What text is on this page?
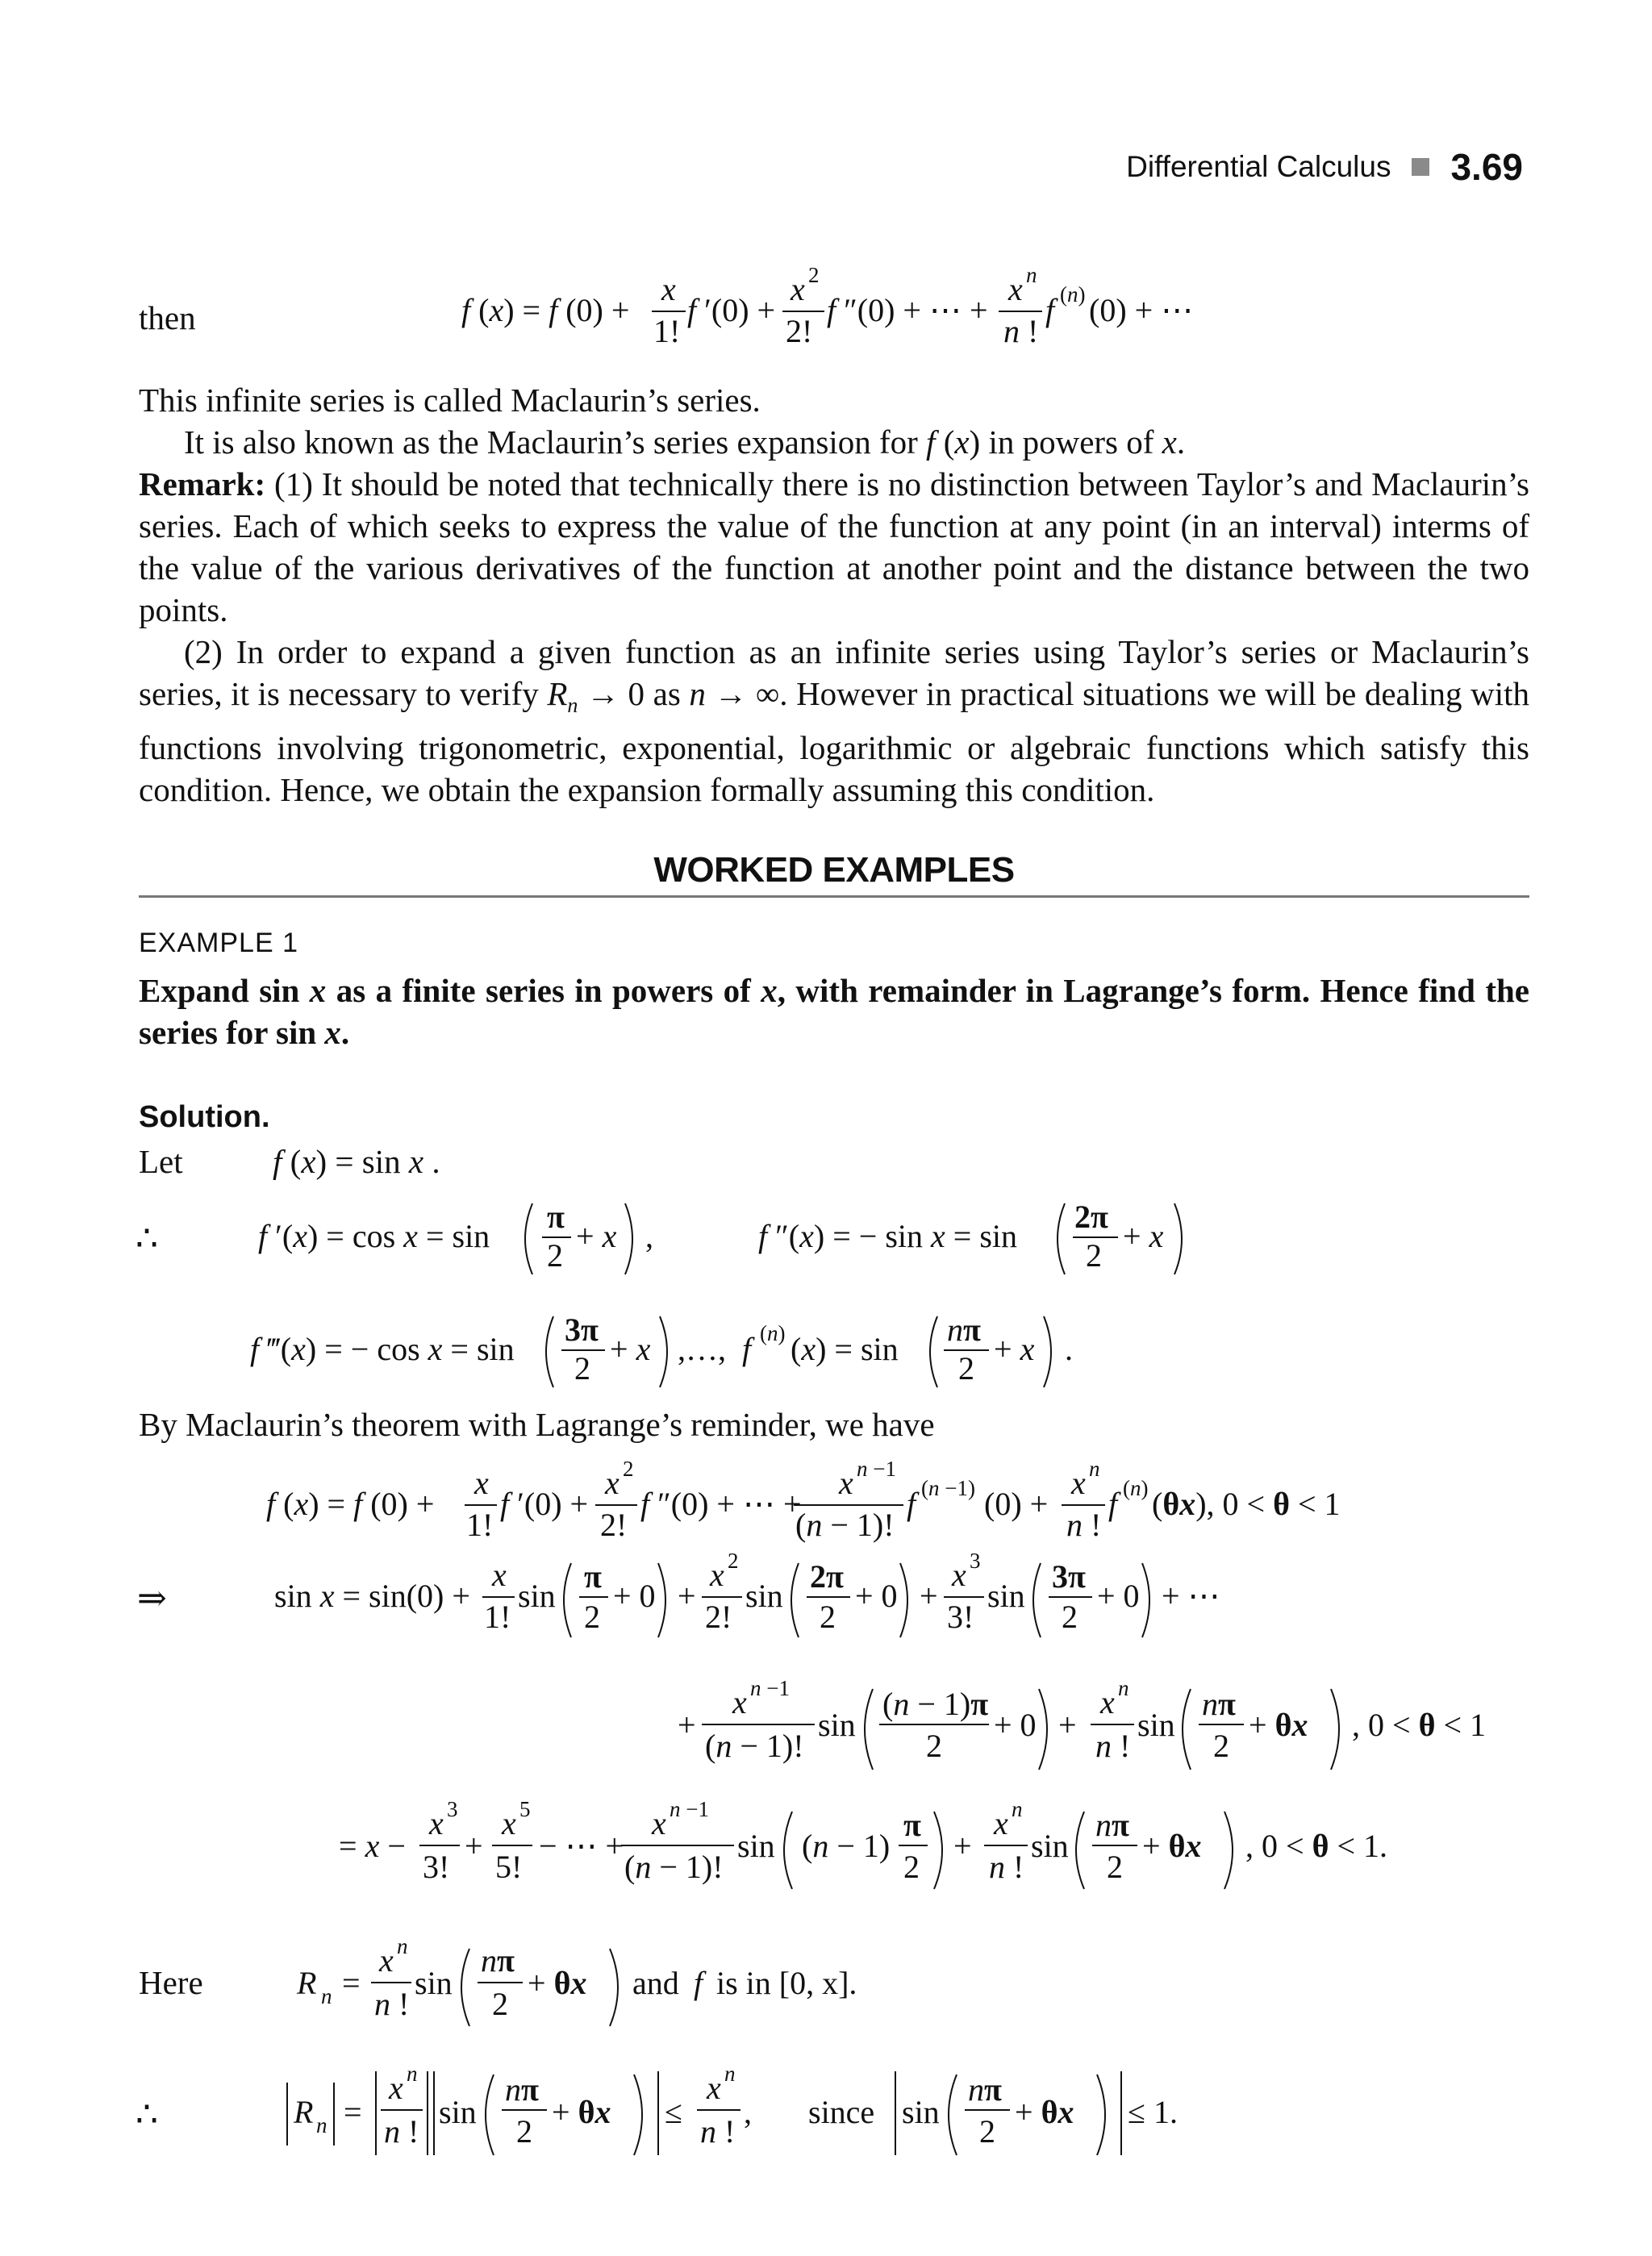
Differential Calculus 3.69
then	f (x) = f (0) +
x
1!
f ′(0) +
x 2
2!
f ″(0) + ⋯ +
x n
n !
f (n) (0) + ⋯
This infinite series is called Maclaurin’s series.
It is also known as the Maclaurin’s series expansion for f (x) in powers of x.
Remark: (1) It should be noted that technically there is no distinction between Taylor’s and Maclaurin’s series. Each of which seeks to express the value of the function at any point (in an interval) interms of the value of the various derivatives of the function at another point and the distance between the two points.
(2) In order to expand a given function as an infinite series using Taylor’s series or Maclaurin’s series, it is necessary to verify $R_n \to 0$ as n → ∞. However in practical situations we will be dealing with functions involving trigonometric, exponential, logarithmic or algebraic functions which satisfy this condition. Hence, we obtain the expansion formally assuming this condition.
WORKED EXAMPLES
EXAMPLE 1
Expand sin x as a finite series in powers of x, with remainder in Lagrange’s form. Hence find the series for sin x.
Solution.
Let	f (x) = sin x .
∴	f ′(x) = cos x = sin
π
2
+ x ,	f ″(x) = − sin x = sin
2π
2
+ x
f ‴(x) = − cos x = sin
3π
2
+ x ,…, f (n) (x) = sin
nπ
2
+ x .
By Maclaurin’s theorem with Lagrange’s reminder, we have
f (x) = f (0) +
x
1!
f ′(0) +
x 2
2!
f ″(0) + ⋯ +
x n −1
(n − 1)!
f (n −1) (0) +
x n
n !
f (n) (θx), 0 < θ < 1
⇒	sin x = sin(0) +
x
1!
sin
π
2
+ 0 +
x 2
2!
sin
2π
2
+ 0 +
x 3
3!
sin
3π
2
+ 0 + ⋯
+
x n −1
(n − 1)!
sin
(n − 1)π
2
+ 0 +
x n
n !
sin
nπ
2
+ θx , 0 < θ < 1
= x −
x 3
3!
+
x 5
5!
− ⋯ +
x n −1
(n − 1)!
sin (n − 1)
π
2
+
x n
n !
sin
nπ
2
+ θx , 0 < θ < 1.
Here	R n =
x n
n !
sin
nπ
2
+ θx and f is in [0, x].
∴	R n =
x n
n !
sin
nπ
2
+ θx ≤
x n
n !
, since sin
nπ
2
+ θx ≤ 1.
